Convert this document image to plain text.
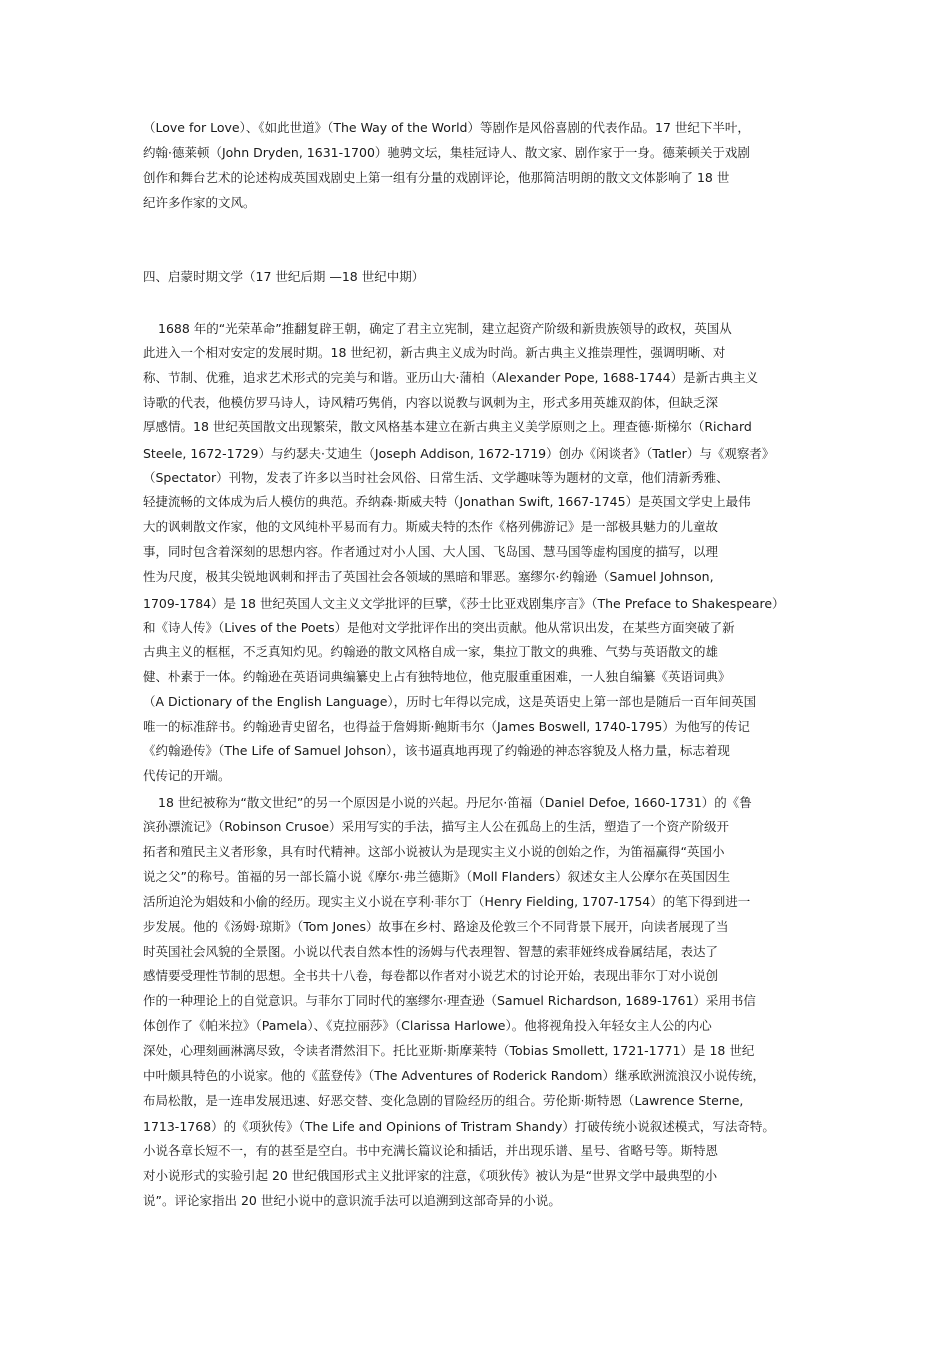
（Love for Love）、《如此世道》（The Way of the World）等剧作是风俗喜剧的代表作品。17 世纪下半叶，
约翰·德莱顿（John Dryden, 1631-1700）驰骋文坛，集桂冠诗人、散文家、剧作家于一身。德莱顿关于戏剧
创作和舞台艺术的论述构成英国戏剧史上第一组有分量的戏剧评论，他那简洁明朗的散文文体影响了 18 世
纪许多作家的文风。
四、启蒙时期文学（17 世纪后期 —18 世纪中期）
1688 年的“光荣革命”推翻复辟王朝，确定了君主立宪制，建立起资产阶级和新贵族领导的政权，英国从
此进入一个相对安定的发展时期。18 世纪初，新古典主义成为时尚。新古典主义推崇理性，强调明晰、对
称、节制、优雅，追求艺术形式的完美与和谐。亚历山大·蒲柏（Alexander Pope, 1688-1744）是新古典主义
诗歌的代表，他模仿罗马诗人，诗风精巧隽俏，内容以说教与讽刺为主，形式多用英雄双韵体，但缺乏深
厚感情。18 世纪英国散文出现繁荣，散文风格基本建立在新古典主义美学原则之上。理查德·斯梯尔（Richard
Steele, 1672-1729）与约瑟夫·艾迪生（Joseph Addison, 1672-1719）创办《闲谈者》（Tatler）与《观察者》
（Spectator）刊物，发表了许多以当时社会风俗、日常生活、文学趣味等为题材的文章，他们清新秀雅、
轻捷流畅的文体成为后人模仿的典范。乔纳森·斯威夫特（Jonathan Swift, 1667-1745）是英国文学史上最伟
大的讽刺散文作家，他的文风纯朴平易而有力。斯威夫特的杰作《格列佛游记》是一部极具魅力的儿童故
事，同时包含着深刻的思想内容。作者通过对小人国、大人国、飞岛国、慧马国等虚构国度的描写，以理
性为尺度，极其尖锐地讽刺和抨击了英国社会各领域的黑暗和罪恶。塞缪尔·约翰逊（Samuel Johnson,
1709-1784）是 18 世纪英国人文主义文学批评的巨擘，《莎士比亚戏剧集序言》（The Preface to Shakespeare）
和《诗人传》（Lives of the Poets）是他对文学批评作出的突出贡献。他从常识出发，在某些方面突破了新
古典主义的框框，不乏真知灼见。约翰逊的散文风格自成一家，集拉丁散文的典雅、气势与英语散文的雄
健、朴素于一体。约翰逊在英语词典编纂史上占有独特地位，他克服重重困难，一人独自编纂《英语词典》
（A Dictionary of the English Language），历时七年得以完成，这是英语史上第一部也是随后一百年间英国
唯一的标准辞书。约翰逊青史留名，也得益于詹姆斯·鲍斯韦尔（James Boswell, 1740-1795）为他写的传记
《约翰逊传》（The Life of Samuel Johson），该书逼真地再现了约翰逊的神态容貌及人格力量，标志着现
代传记的开端。
18 世纪被称为“散文世纪”的另一个原因是小说的兴起。丹尼尔·笛福（Daniel Defoe, 1660-1731）的《鲁
滨孙漂流记》（Robinson Crusoe）采用写实的手法，描写主人公在孤岛上的生活，塑造了一个资产阶级开
拓者和殖民主义者形象，具有时代精神。这部小说被认为是现实主义小说的创始之作，为笛福赢得“英国小
说之父”的称号。笛福的另一部长篇小说《摩尔·弗兰德斯》（Moll Flanders）叙述女主人公摩尔在英国因生
活所迫沦为娼妓和小偷的经历。现实主义小说在亨利·菲尔丁（Henry Fielding, 1707-1754）的笔下得到进一
步发展。他的《汤姆·琼斯》（Tom Jones）故事在乡村、路途及伦敦三个不同背景下展开，向读者展现了当
时英国社会风貌的全景图。小说以代表自然本性的汤姆与代表理智、智慧的索菲娅终成眷属结尾，表达了
感情要受理性节制的思想。全书共十八卷，每卷都以作者对小说艺术的讨论开始，表现出菲尔丁对小说创
作的一种理论上的自觉意识。与菲尔丁同时代的塞缪尔·理查逊（Samuel Richardson, 1689-1761）采用书信
体创作了《帕米拉》（Pamela）、《克拉丽莎》（Clarissa Harlowe）。他将视角投入年轻女主人公的内心
深处，心理刻画淋漓尽致，令读者潸然泪下。托比亚斯·斯摩莱特（Tobias Smollett, 1721-1771）是 18 世纪
中叶颇具特色的小说家。他的《蓝登传》（The Adventures of Roderick Random）继承欧洲流浪汉小说传统，
布局松散，是一连串发展迅速、好恶交替、变化急剧的冒险经历的组合。劳伦斯·斯特恩（Lawrence Sterne,
1713-1768）的《项狄传》（The Life and Opinions of Tristram Shandy）打破传统小说叙述模式，写法奇特。
小说各章长短不一，有的甚至是空白。书中充满长篇议论和插话，并出现乐谱、星号、省略号等。斯特恩
对小说形式的实验引起 20 世纪俄国形式主义批评家的注意，《项狄传》被认为是“世界文学中最典型的小
说”。评论家指出 20 世纪小说中的意识流手法可以追溯到这部奇异的小说。
